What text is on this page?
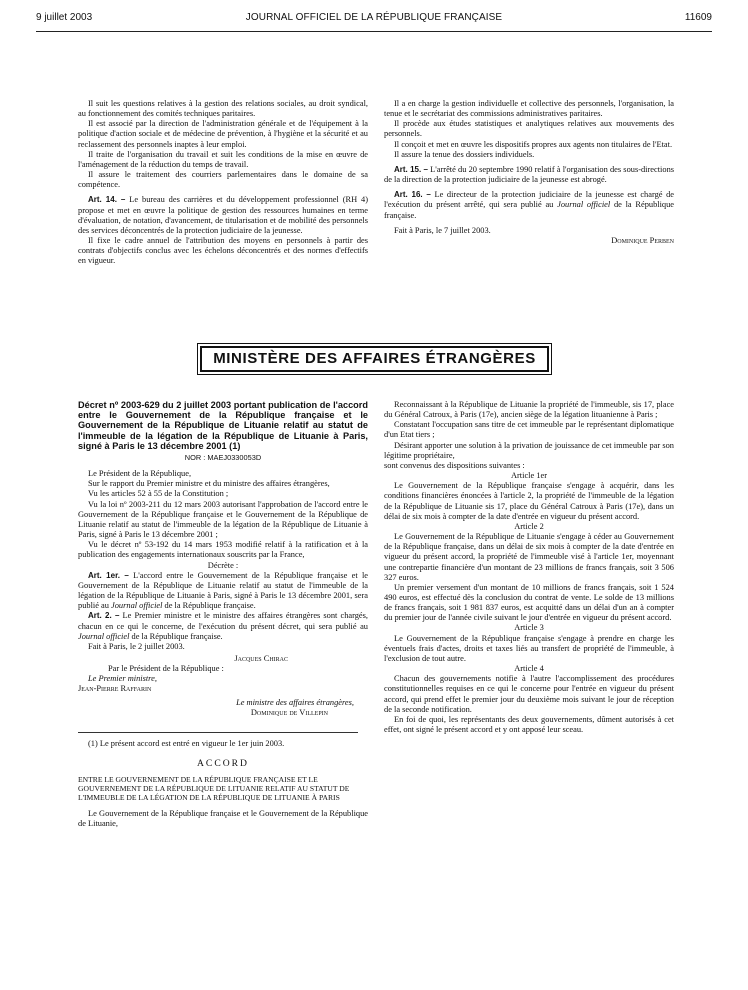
9 juillet 2003	JOURNAL OFFICIEL DE LA RÉPUBLIQUE FRANÇAISE	11609

Il suit les questions relatives à la gestion des relations sociales, au droit syndical, au fonctionnement des comités techniques paritaires.

Il est associé par la direction de l'administration générale et de l'équipement à la politique d'action sociale et de médecine de prévention, à l'hygiène et la sécurité et au reclassement des personnels inaptes à leur emploi.

Il traite de l'organisation du travail et suit les conditions de la mise en œuvre de l'aménagement de la réduction du temps de travail.

Il assure le traitement des courriers parlementaires dans le domaine de sa compétence.

Art. 14. – Le bureau des carrières et du développement professionnel (RH 4) propose et met en œuvre la politique de gestion des ressources humaines en terme d'évaluation, de notation, d'avancement, de titularisation et de mobilité des personnels des services déconcentrés de la protection judiciaire de la jeunesse.

Il fixe le cadre annuel de l'attribution des moyens en personnels à partir des contrats d'objectifs conclus avec les échelons déconcentrés et des normes d'effectifs en vigueur.

Il a en charge la gestion individuelle et collective des personnels, l'organisation, la tenue et le secrétariat des commissions administratives paritaires.

Il procède aux études statistiques et analytiques relatives aux mouvements des personnels.

Il conçoit et met en œuvre les dispositifs propres aux agents non titulaires de l'Etat.

Il assure la tenue des dossiers individuels.

Art. 15. – L'arrêté du 20 septembre 1990 relatif à l'organisation des sous-directions de la direction de la protection judiciaire de la jeunesse est abrogé.

Art. 16. – Le directeur de la protection judiciaire de la jeunesse est chargé de l'exécution du présent arrêté, qui sera publié au Journal officiel de la République française.

Fait à Paris, le 7 juillet 2003.

Dominique Perben

MINISTÈRE DES AFFAIRES ÉTRANGÈRES
Décret nº 2003-629 du 2 juillet 2003 portant publication de l'accord entre le Gouvernement de la République française et le Gouvernement de la République de Lituanie relatif au statut de l'immeuble de la légation de la République de Lituanie à Paris, signé à Paris le 13 décembre 2001 (1)
NOR : MAEJ0330053D

Le Président de la République,

Sur le rapport du Premier ministre et du ministre des affaires étrangères,

Vu les articles 52 à 55 de la Constitution ;

Vu la loi nº 2003-211 du 12 mars 2003 autorisant l'approbation de l'accord entre le Gouvernement de la République française et le Gouvernement de la République de Lituanie relatif au statut de l'immeuble de la légation de la République de Lituanie à Paris, signé à Paris le 13 décembre 2001 ;

Vu le décret nº 53-192 du 14 mars 1953 modifié relatif à la ratification et à la publication des engagements internationaux souscrits par la France,

Décrète :

Art. 1er. – L'accord entre le Gouvernement de la République française et le Gouvernement de la République de Lituanie relatif au statut de l'immeuble de la légation de la République de Lituanie à Paris, signé à Paris le 13 décembre 2001, sera publié au Journal officiel de la République française.

Art. 2. – Le Premier ministre et le ministre des affaires étrangères sont chargés, chacun en ce qui le concerne, de l'exécution du présent décret, qui sera publié au Journal officiel de la République française.

Fait à Paris, le 2 juillet 2003.

Jacques Chirac

Par le Président de la République :

Le Premier ministre,

Jean-Pierre Raffarin

Le ministre des affaires étrangères,

Dominique de Villepin

(1) Le présent accord est entré en vigueur le 1er juin 2003.

ACCORD

ENTRE LE GOUVERNEMENT DE LA RÉPUBLIQUE FRANÇAISE ET LE GOUVERNEMENT DE LA RÉPUBLIQUE DE LITUANIE RELATIF AU STATUT DE L'IMMEUBLE DE LA LÉGATION DE LA RÉPUBLIQUE DE LITUANIE À PARIS

Le Gouvernement de la République française et le Gouvernement de la République de Lituanie,

Reconnaissant à la République de Lituanie la propriété de l'immeuble, sis 17, place du Général Catroux, à Paris (17e), ancien siège de la légation lituanienne à Paris ;

Constatant l'occupation sans titre de cet immeuble par le représentant diplomatique d'un Etat tiers ;

Désirant apporter une solution à la privation de jouissance de cet immeuble par son légitime propriétaire,

sont convenus des dispositions suivantes :

Article 1er

Le Gouvernement de la République française s'engage à acquérir, dans les conditions financières énoncées à l'article 2, la propriété de l'immeuble de la légation de la République de Lituanie sis 17, place du Général Catroux à Paris (17e), dans un délai de six mois à compter de la date d'entrée en vigueur du présent accord.

Article 2

Le Gouvernement de la République de Lituanie s'engage à céder au Gouvernement de la République française, dans un délai de six mois à compter de la date d'entrée en vigueur du présent accord, la propriété de l'immeuble visé à l'article 1er, moyennant une contrepartie financière d'un montant de 23 millions de francs français, soit 3 506 327 euros.

Un premier versement d'un montant de 10 millions de francs français, soit 1 524 490 euros, est effectué dès la conclusion du contrat de vente. Le solde de 13 millions de francs français, soit 1 981 837 euros, est acquitté dans un délai d'un an à compter du premier jour de l'année civile suivant le jour d'entrée en vigueur du présent accord.

Article 3

Le Gouvernement de la République française s'engage à prendre en charge les éventuels frais d'actes, droits et taxes liés au transfert de propriété de l'immeuble, à l'exclusion de tout autre.

Article 4

Chacun des gouvernements notifie à l'autre l'accomplissement des procédures constitutionnelles requises en ce qui le concerne pour l'entrée en vigueur du présent accord, qui prend effet le premier jour du deuxième mois suivant le jour de réception de la seconde notification.

En foi de quoi, les représentants des deux gouvernements, dûment autorisés à cet effet, ont signé le présent accord et y ont apposé leur sceau.
